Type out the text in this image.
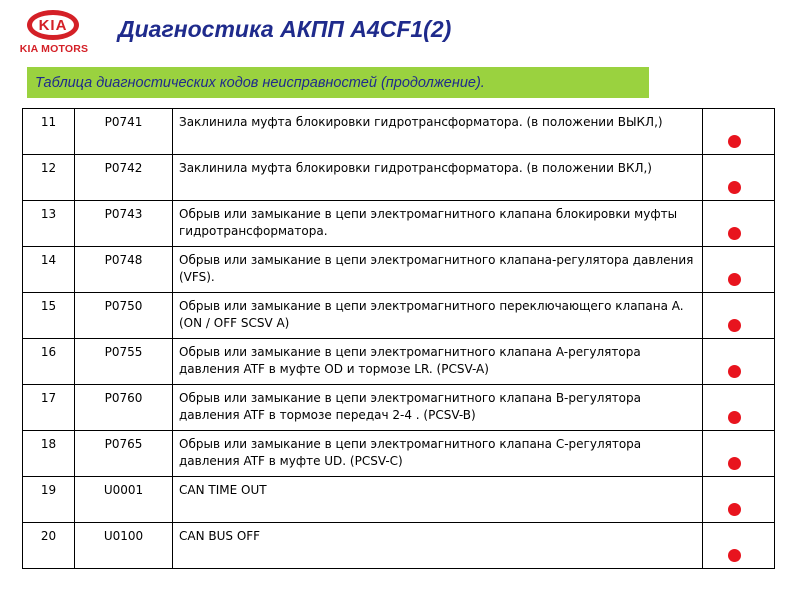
KIA
KIA MOTORS
Диагностика АКПП A4CF1(2)
Таблица диагностических кодов неисправностей (продолжение).
11	P0741	Заклинила муфта блокировки гидротрансформатора. (в положении ВЫКЛ,)	

12	P0742	Заклинила муфта блокировки гидротрансформатора. (в положении ВКЛ,)	

13	P0743	Обрыв или замыкание в цепи электромагнитного клапана блокировки муфты гидротрансформатора.	

14	P0748	Обрыв или замыкание в цепи электромагнитного клапана-регулятора давления (VFS).	

15	P0750	Обрыв или замыкание в цепи электромагнитного переключающего клапана A. (ON / OFF SCSV A)	

16	P0755	Обрыв или замыкание в цепи электромагнитного клапана A-регулятора давления ATF в муфте OD и тормозе LR. (PCSV-A)	

17	P0760	Обрыв или замыкание в цепи электромагнитного клапана B-регулятора давления ATF в тормозе передач 2-4 . (PCSV-B)	

18	P0765	Обрыв или замыкание в цепи электромагнитного клапана C-регулятора давления ATF в муфте UD. (PCSV-C)	

19	U0001	CAN TIME OUT	

20	U0100	CAN BUS OFF	
